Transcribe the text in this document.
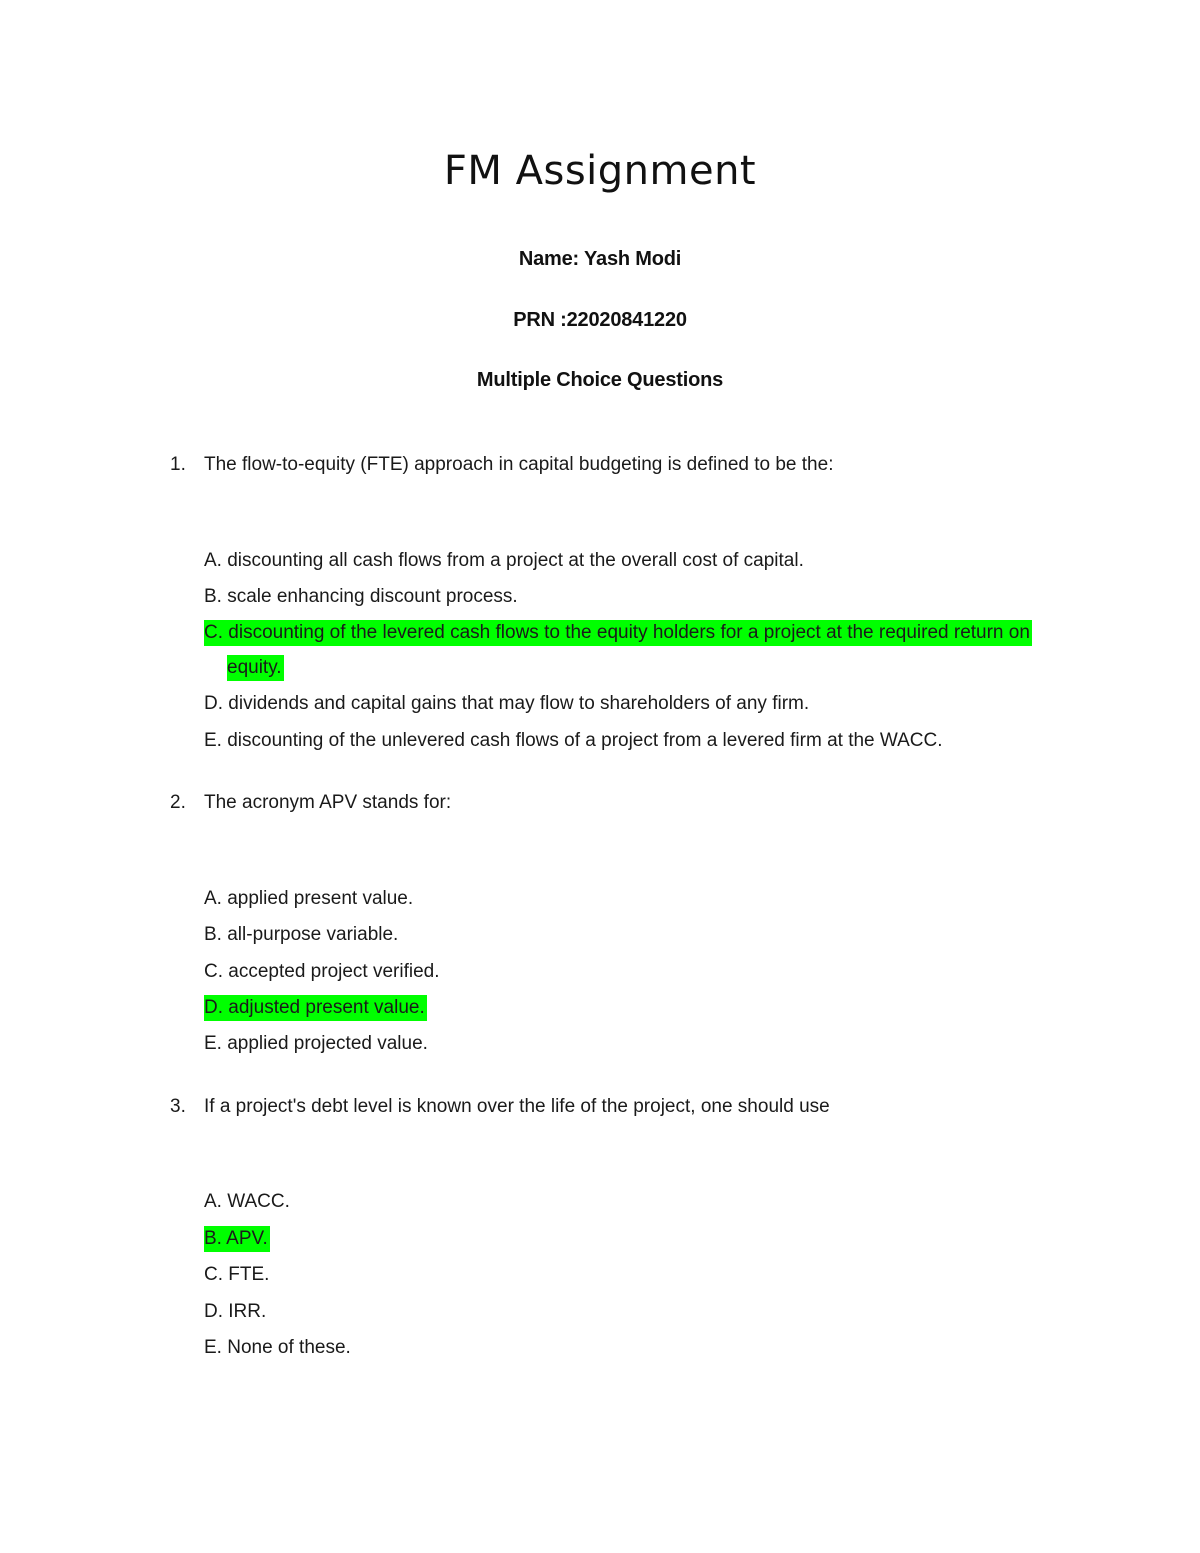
FM Assignment
Name: Yash Modi
PRN :22020841220
Multiple Choice Questions
1. The flow-to-equity (FTE) approach in capital budgeting is defined to be the:
A. discounting all cash flows from a project at the overall cost of capital.
B. scale enhancing discount process.
C. discounting of the levered cash flows to the equity holders for a project at the required return on
equity.
D. dividends and capital gains that may flow to shareholders of any firm.
E. discounting of the unlevered cash flows of a project from a levered firm at the WACC.
2. The acronym APV stands for:
A. applied present value.
B. all-purpose variable.
C. accepted project verified.
D. adjusted present value.
E. applied projected value.
3. If a project's debt level is known over the life of the project, one should use
A. WACC.
B. APV.
C. FTE.
D. IRR.
E. None of these.
